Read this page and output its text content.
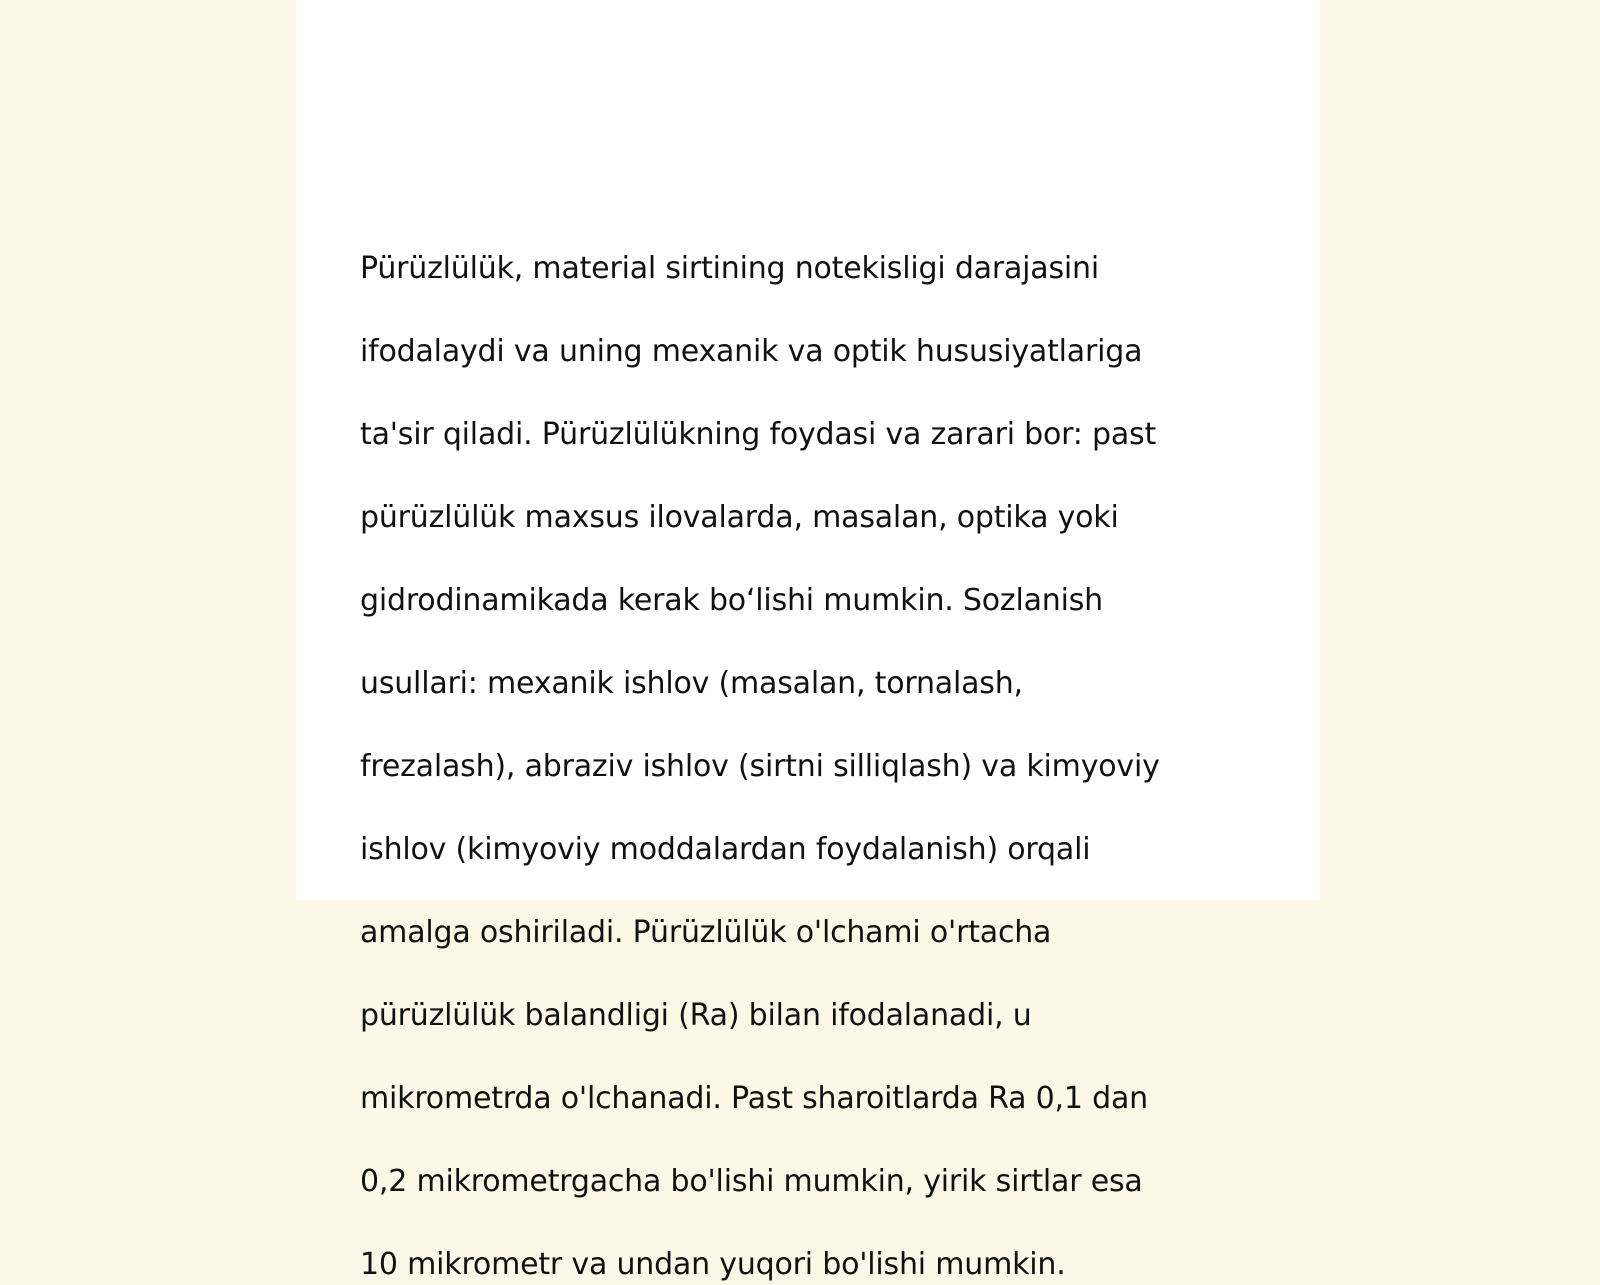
Pürüzlülük, material sirtining notekisligi darajasini

ifodalaydi va uning mexanik va optik hususiyatlariga

ta'sir qiladi. Pürüzlülükning foydasi va zarari bor: past

pürüzlülük maxsus ilovalarda, masalan, optika yoki

gidrodinamikada kerak boʻlishi mumkin. Sozlanish

usullari: mexanik ishlov (masalan, tornalash,

frezalash), abraziv ishlov (sirtni silliqlash) va kimyoviy

ishlov (kimyoviy moddalardan foydalanish) orqali

amalga oshiriladi. Pürüzlülük o'lchami o'rtacha

pürüzlülük balandligi (Ra) bilan ifodalanadi, u

mikrometrda o'lchanadi. Past sharoitlarda Ra 0,1 dan

0,2 mikrometrgacha bo'lishi mumkin, yirik sirtlar esa

10 mikrometr va undan yuqori bo'lishi mumkin.
